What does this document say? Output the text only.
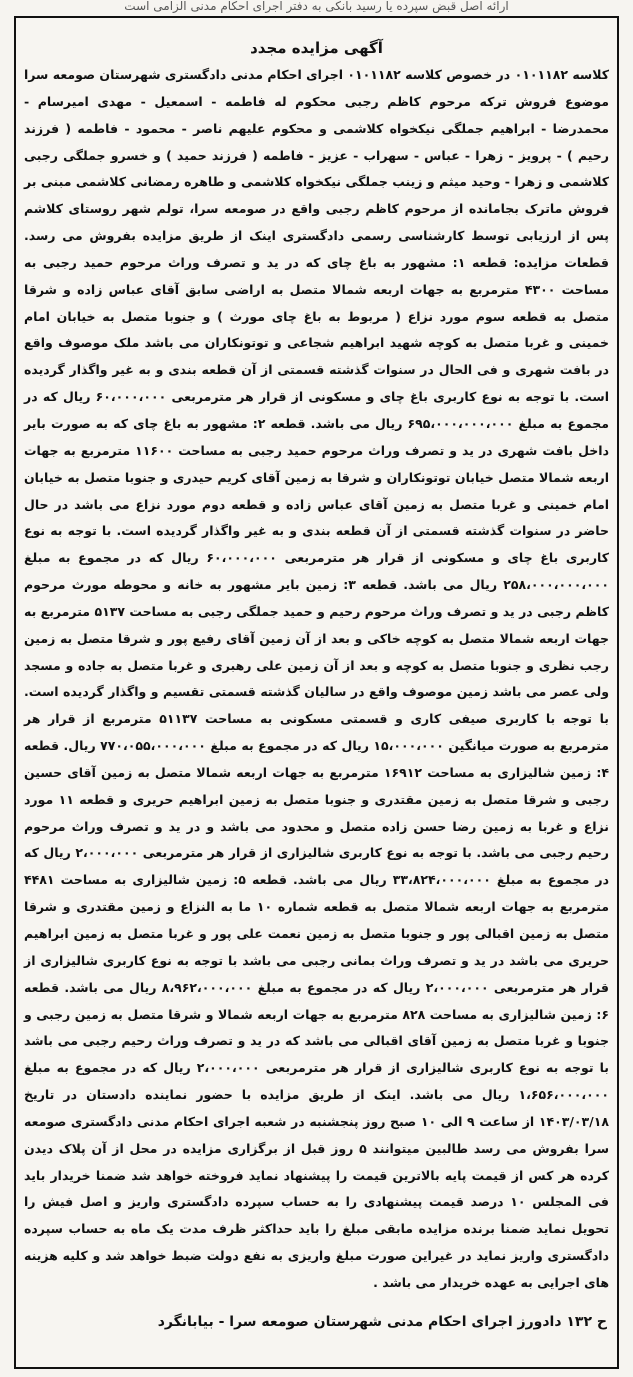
ارائه اصل قبض سپرده یا رسید بانکی به دفتر اجرای احکام مدنی الزامی است
آگهی مزایده مجدد

کلاسه ۰۱۰۱۱۸۲ در خصوص کلاسه ۰۱۰۱۱۸۲ اجرای احکام مدنی دادگستری شهرستان صومعه سرا موضوع فروش ترکه مرحوم کاظم رجبی محکوم له فاطمه - اسمعیل - مهدی امیرسام - محمدرضا - ابراهیم جملگی نیکخواه کلاشمی و محکوم علیهم ناصر - محمود - فاطمه ( فرزند رحیم ) - پرویز - زهرا - عباس - سهراب - عزیز - فاطمه ( فرزند حمید ) و خسرو جملگی رجبی کلاشمی و زهرا - وحید میثم و زینب جملگی نیکخواه کلاشمی و طاهره رمضانی کلاشمی مبنی بر فروش ماترک بجامانده از مرحوم کاظم رجبی واقع در صومعه سرا، تولم شهر روستای کلاشم پس از ارزیابی توسط کارشناسی رسمی دادگستری اینک از طریق مزایده بفروش می رسد. قطعات مزایده: قطعه ۱: مشهور به باغ چای که در ید و تصرف وراث مرحوم حمید رجبی به مساحت ۴۳۰۰ مترمربع به جهات اربعه شمالا متصل به اراضی سابق آقای عباس زاده و شرقا متصل به قطعه سوم مورد نزاع ( مربوط به باغ چای مورث ) و جنوبا متصل به خیابان امام خمینی و غربا متصل به کوچه شهید ابراهیم شجاعی و توتونکاران می باشد ملک موصوف واقع در بافت شهری و فی الحال در سنوات گذشته قسمتی از آن قطعه بندی و به غیر واگذار گردیده است. با توجه به نوع کاربری باغ چای و مسکونی از قرار هر مترمربعی ۶۰،۰۰۰،۰۰۰ ریال که در مجموع به مبلغ ۶۹۵،۰۰۰،۰۰۰،۰۰۰ ریال می باشد. قطعه ۲: مشهور به باغ چای که به صورت بایر داخل بافت شهری در ید و تصرف وراث مرحوم حمید رجبی به مساحت ۱۱۶۰۰ مترمربع به جهات اربعه شمالا متصل خیابان توتونکاران و شرقا به زمین آقای کریم حیدری و جنوبا متصل به خیابان امام خمینی و غربا متصل به زمین آقای عباس زاده و قطعه دوم مورد نزاع می باشد در حال حاضر در سنوات گذشته قسمتی از آن قطعه بندی و به غیر واگذار گردیده است. با توجه به نوع کاربری باغ چای و مسکونی از قرار هر مترمربعی ۶۰،۰۰۰،۰۰۰ ریال که در مجموع به مبلغ ۲۵۸،۰۰۰،۰۰۰،۰۰۰ ریال می باشد. قطعه ۳: زمین بایر مشهور به خانه و محوطه مورث مرحوم کاظم رجبی در ید و تصرف وراث مرحوم رحیم و حمید جملگی رجبی به مساحت ۵۱۳۷ مترمربع به جهات اربعه شمالا متصل به کوچه خاکی و بعد از آن زمین آقای رفیع پور و شرقا متصل به زمین رجب نظری و جنوبا متصل به کوچه و بعد از آن زمین علی رهبری و غربا متصل به جاده و مسجد ولی عصر می باشد زمین موصوف واقع در سالیان گذشته قسمتی تقسیم و واگذار گردیده است. با توجه با کاربری صیفی کاری و قسمتی مسکونی به مساحت ۵۱۱۳۷ مترمربع از قرار هر مترمربع به صورت میانگین ۱۵،۰۰۰،۰۰۰ ریال که در مجموع به مبلغ ۷۷۰،۰۵۵،۰۰۰،۰۰۰ ریال. قطعه ۴: زمین شالیزاری به مساحت ۱۶۹۱۲ مترمربع به جهات اربعه شمالا متصل به زمین آقای حسین رجبی و شرقا متصل به زمین مقتدری و جنوبا متصل به زمین ابراهیم حریری و قطعه ۱۱ مورد نزاع و غربا به زمین رضا حسن زاده متصل و محدود می باشد و در ید و تصرف وراث مرحوم رحیم رجبی می باشد. با توجه به نوع کاربری شالیزاری از قرار هر مترمربعی ۲،۰۰۰،۰۰۰ ریال که در مجموع به مبلغ ۳۳،۸۲۴،۰۰۰،۰۰۰ ریال می باشد. قطعه ۵: زمین شالیزاری به مساحت ۴۴۸۱ مترمربع به جهات اربعه شمالا متصل به قطعه شماره ۱۰ ما به النزاع و زمین مقتدری و شرقا متصل به زمین اقبالی پور و جنوبا متصل به زمین نعمت علی پور و غربا متصل به زمین ابراهیم حریری می باشد در ید و تصرف وراث بمانی رجبی می باشد با توجه به نوع کاربری شالیزاری از قرار هر مترمربعی ۲،۰۰۰،۰۰۰ ریال که در مجموع به مبلغ ۸،۹۶۲،۰۰۰،۰۰۰ ریال می باشد. قطعه ۶: زمین شالیزاری به مساحت ۸۲۸ مترمربع به جهات اربعه شمالا و شرقا متصل به زمین رجبی و جنوبا و غربا متصل به زمین آقای اقبالی می باشد که در ید و تصرف وراث رحیم رجبی می باشد با توجه به نوع کاربری شالیزاری از قرار هر مترمربعی ۲،۰۰۰،۰۰۰ ریال که در مجموع به مبلغ ۱،۶۵۶،۰۰۰،۰۰۰ ریال می باشد. اینک از طریق مزایده با حضور نماینده دادستان در تاریخ ۱۴۰۳/۰۳/۱۸ از ساعت ۹ الی ۱۰ صبح روز پنجشنبه در شعبه اجرای احکام مدنی دادگستری صومعه سرا بفروش می رسد طالبین میتوانند ۵ روز قبل از برگزاری مزایده در محل از آن پلاک دیدن کرده هر کس از قیمت پایه بالاترین قیمت را پیشنهاد نماید فروخته خواهد شد ضمنا خریدار باید فی المجلس ۱۰ درصد قیمت پیشنهادی را به حساب سپرده دادگستری واریز و اصل فیش را تحویل نماید ضمنا برنده مزایده مابقی مبلغ را باید حداکثر ظرف مدت یک ماه به حساب سپرده دادگستری واریز نماید در غیراین صورت مبلغ واریزی به نفع دولت ضبط خواهد شد و کلیه هزینه های اجرایی به عهده خریدار می باشد .

ح ۱۳۲ دادورز اجرای احکام مدنی شهرستان صومعه سرا - بیابانگرد
